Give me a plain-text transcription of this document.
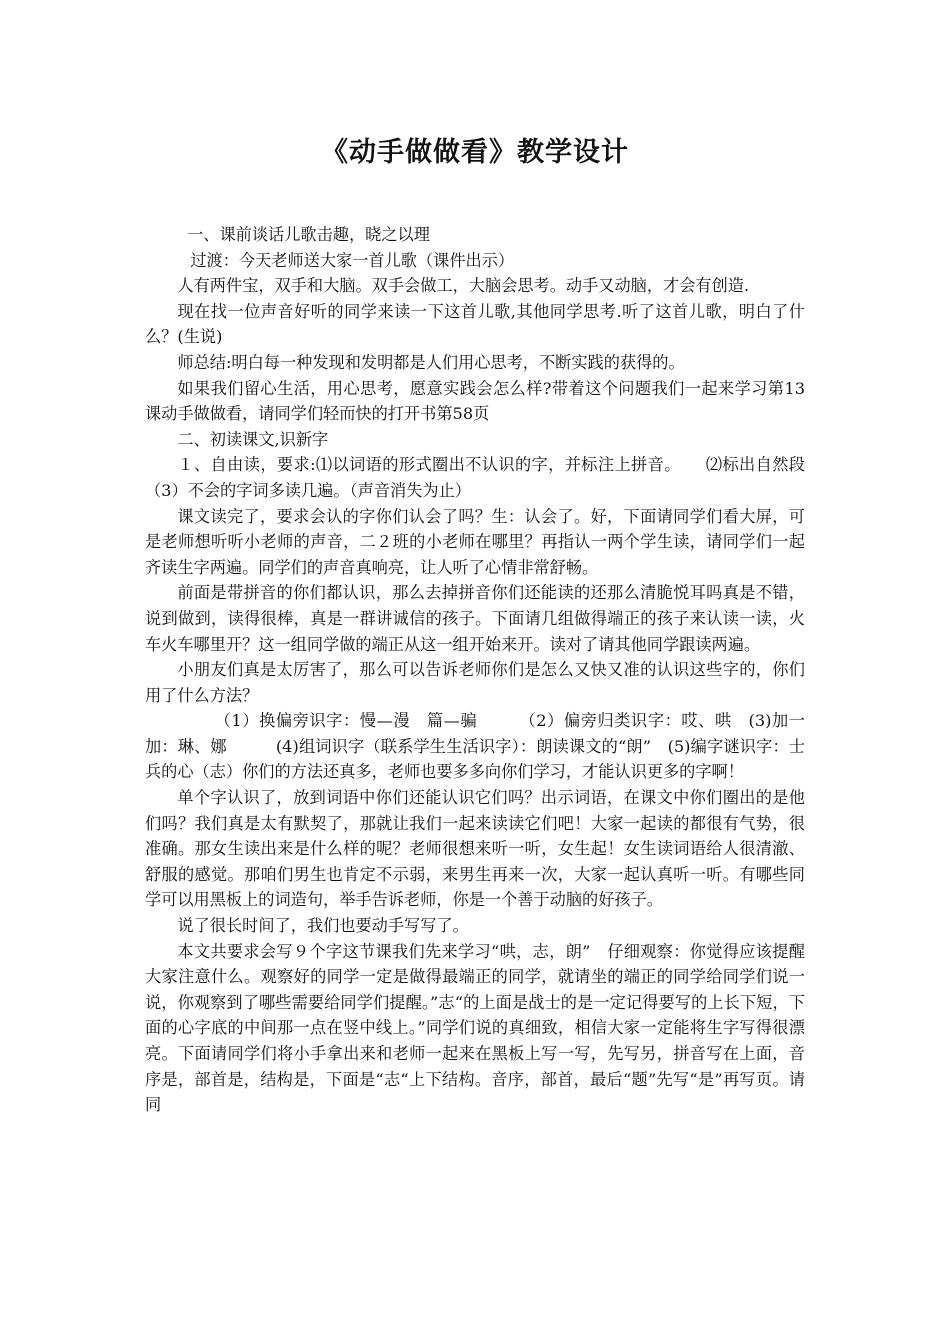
《动手做做看》教学设计

一、课前谈话儿歌击趣，晓之以理

过渡：今天老师送大家一首儿歌（课件出示）

人有两件宝，双手和大脑。双手会做工，大脑会思考。动手又动脑，才会有创造.

现在找一位声音好听的同学来读一下这首儿歌,其他同学思考.听了这首儿歌，明白了什么？(生说)

师总结:明白每一种发现和发明都是人们用心思考，不断实践的获得的。

如果我们留心生活，用心思考，愿意实践会怎么样?带着这个问题我们一起来学习第13课动手做做看，请同学们轻而快的打开书第58页

二、初读课文,识新字

１、自由读，要求:⑴以词语的形式圈出不认识的字，并标注上拼音。　　⑵标出自然段　　（3）不会的字词多读几遍。（声音消失为止）

课文读完了，要求会认的字你们认会了吗？生：认会了。好，下面请同学们看大屏，可是老师想听听小老师的声音，二２班的小老师在哪里？再指认一两个学生读，请同学们一起齐读生字两遍。同学们的声音真响亮，让人听了心情非常舒畅。

前面是带拼音的你们都认识，那么去掉拼音你们还能读的还那么清脆悦耳吗真是不错，说到做到，读得很棒，真是一群讲诚信的孩子。下面请几组做得端正的孩子来认读一读，火车火车哪里开？这一组同学做的端正从这一组开始来开。读对了请其他同学跟读两遍。

小朋友们真是太厉害了，那么可以告诉老师你们是怎么又快又准的认识这些字的，你们用了什么方法？

（1）换偏旁识字：慢—漫　篇—骗　　　（2）偏旁归类识字：哎、哄　(3)加一加：琳、娜　　　(4)组词识字（联系学生生活识字）：朗读课文的“朗”　(5)编字谜识字：士兵的心（志）你们的方法还真多，老师也要多多向你们学习，才能认识更多的字啊！

单个字认识了，放到词语中你们还能认识它们吗？出示词语，在课文中你们圈出的是他们吗？我们真是太有默契了，那就让我们一起来读读它们吧！大家一起读的都很有气势，很准确。那女生读出来是什么样的呢？老师很想来听一听，女生起！女生读词语给人很清澈、舒服的感觉。那咱们男生也肯定不示弱，来男生再来一次，大家一起认真听一听。有哪些同学可以用黑板上的词造句，举手告诉老师，你是一个善于动脑的好孩子。

说了很长时间了，我们也要动手写写了。

本文共要求会写９个字这节课我们先来学习“哄，志，朗”　仔细观察：你觉得应该提醒大家注意什么。观察好的同学一定是做得最端正的同学，就请坐的端正的同学给同学们说一说，你观察到了哪些需要给同学们提醒。”志“的上面是战士的是一定记得要写的上长下短，下面的心字底的中间那一点在竖中线上。”同学们说的真细致，相信大家一定能将生字写得很漂亮。下面请同学们将小手拿出来和老师一起来在黑板上写一写，先写另，拼音写在上面，音序是，部首是，结构是，下面是“志“上下结构。音序，部首，最后“题”先写“是”再写页。请同
